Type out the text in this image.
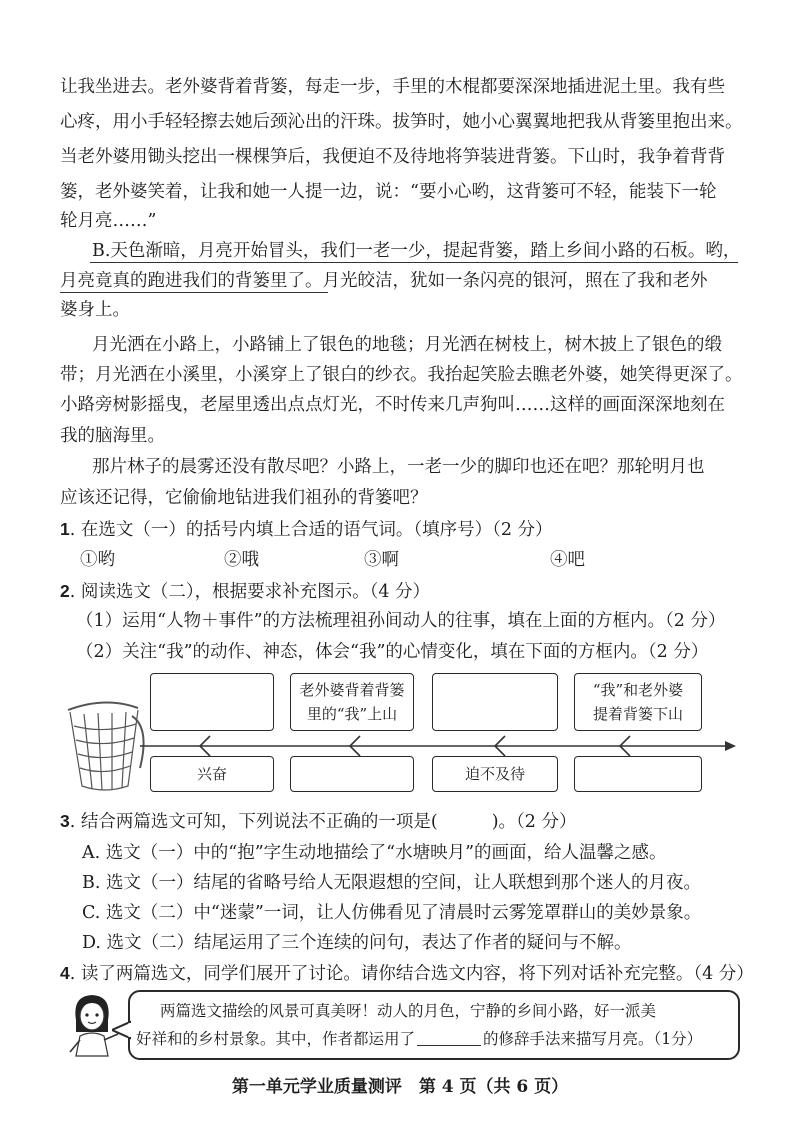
让我坐进去。老外婆背着背篓，每走一步，手里的木棍都要深深地插进泥土里。我有些
心疼，用小手轻轻擦去她后颈沁出的汗珠。拔笋时，她小心翼翼地把我从背篓里抱出来。
当老外婆用锄头挖出一棵棵笋后，我便迫不及待地将笋装进背篓。下山时，我争着背背
篓，老外婆笑着，让我和她一人提一边，说：“要小心哟，这背篓可不轻，能装下一轮
轮月亮……”
B.天色渐暗，月亮开始冒头，我们一老一少，提起背篓，踏上乡间小路的石板。哟，
月亮竟真的跑进我们的背篓里了。月光皎洁，犹如一条闪亮的银河，照在了我和老外
婆身上。
月光洒在小路上，小路铺上了银色的地毯；月光洒在树枝上，树木披上了银色的缎
带；月光洒在小溪里，小溪穿上了银白的纱衣。我抬起笑脸去瞧老外婆，她笑得更深了。
小路旁树影摇曳，老屋里透出点点灯光，不时传来几声狗叫……这样的画面深深地刻在
我的脑海里。
那片林子的晨雾还没有散尽吧？小路上，一老一少的脚印也还在吧？那轮明月也
应该还记得，它偷偷地钻进我们祖孙的背篓吧？
1. 在选文（一）的括号内填上合适的语气词。（填序号）（2 分）
①哟	②哦	③啊	④吧
2. 阅读选文（二），根据要求补充图示。（4 分）
（1）运用“人物＋事件”的方法梳理祖孙间动人的往事，填在上面的方框内。（2 分）
（2）关注“我”的动作、神态，体会“我”的心情变化，填在下面的方框内。（2 分）
老外婆背着背篓
里的“我”上山
“我”和老外婆
提着背篓下山
兴奋	迫不及待
3. 结合两篇选文可知，下列说法不正确的一项是(	)。（2 分）
A. 选文（一）中的“抱”字生动地描绘了“水塘映月”的画面，给人温馨之感。
B. 选文（一）结尾的省略号给人无限遐想的空间，让人联想到那个迷人的月夜。
C. 选文（二）中“迷蒙”一词，让人仿佛看见了清晨时云雾笼罩群山的美妙景象。
D. 选文（二）结尾运用了三个连续的问句，表达了作者的疑问与不解。
4. 读了两篇选文，同学们展开了讨论。请你结合选文内容，将下列对话补充完整。（4 分）
两篇选文描绘的风景可真美呀！动人的月色，宁静的乡间小路，好一派美
好祥和的乡村景象。其中，作者都运用了	的修辞手法来描写月亮。（1分）
第一单元学业质量测评　第 4 页（共 6 页）
